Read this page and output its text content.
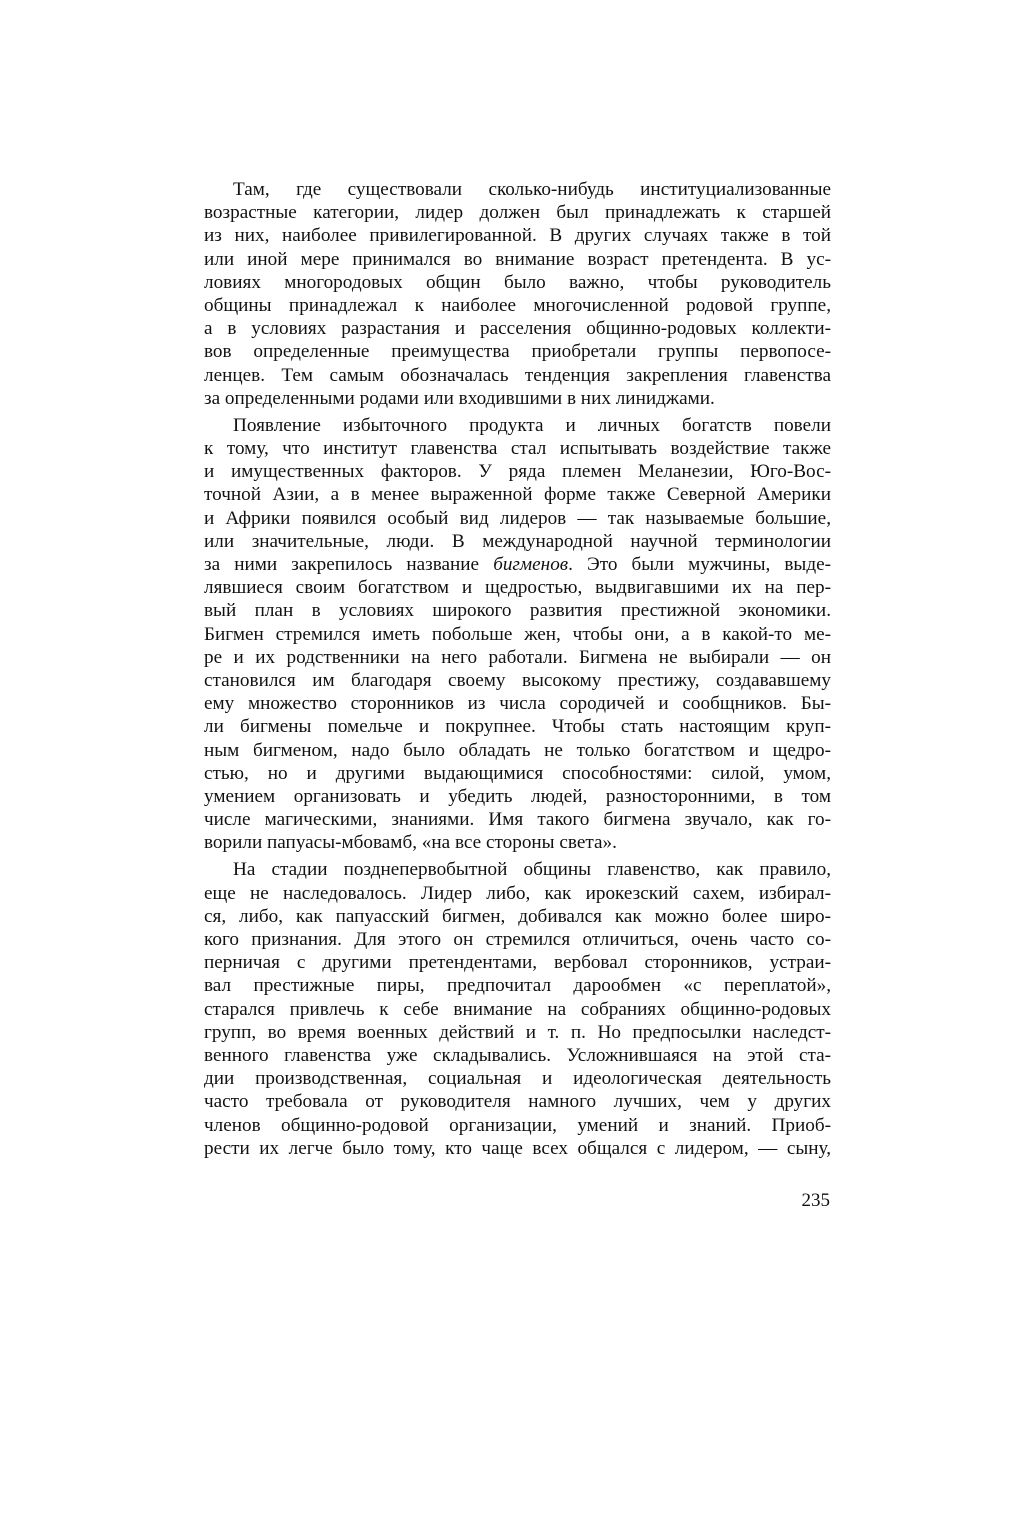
Там, где существовали сколько-нибудь институциализованные
возрастные категории, лидер должен был принадлежать к старшей
из них, наиболее привилегированной. В других случаях также в той
или иной мере принимался во внимание возраст претендента. В ус-
ловиях многородовых общин было важно, чтобы руководитель
общины принадлежал к наиболее многочисленной родовой группе,
а в условиях разрастания и расселения общинно-родовых коллекти-
вов определенные преимущества приобретали группы первопосе-
ленцев. Тем самым обозначалась тенденция закрепления главенства
за определенными родами или входившими в них линиджами.
Появление избыточного продукта и личных богатств повели
к тому, что институт главенства стал испытывать воздействие также
и имущественных факторов. У ряда племен Меланезии, Юго-Вос-
точной Азии, а в менее выраженной форме также Северной Америки
и Африки появился особый вид лидеров — так называемые большие,
или значительные, люди. В международной научной терминологии
за ними закрепилось название бигменов. Это были мужчины, выде-
лявшиеся своим богатством и щедростью, выдвигавшими их на пер-
вый план в условиях широкого развития престижной экономики.
Бигмен стремился иметь побольше жен, чтобы они, а в какой-то ме-
ре и их родственники на него работали. Бигмена не выбирали — он
становился им благодаря своему высокому престижу, создававшему
ему множество сторонников из числа сородичей и сообщников. Бы-
ли бигмены помельче и покрупнее. Чтобы стать настоящим круп-
ным бигменом, надо было обладать не только богатством и щедро-
стью, но и другими выдающимися способностями: силой, умом,
умением организовать и убедить людей, разносторонними, в том
числе магическими, знаниями. Имя такого бигмена звучало, как го-
ворили папуасы-мбовамб, «на все стороны света».
На стадии позднепервобытной общины главенство, как правило,
еще не наследовалось. Лидер либо, как ирокезский сахем, избирал-
ся, либо, как папуасский бигмен, добивался как можно более широ-
кого признания. Для этого он стремился отличиться, очень часто со-
перничая с другими претендентами, вербовал сторонников, устраи-
вал престижные пиры, предпочитал дарообмен «с переплатой»,
старался привлечь к себе внимание на собраниях общинно-родовых
групп, во время военных действий и т. п. Но предпосылки наследст-
венного главенства уже складывались. Усложнившаяся на этой ста-
дии производственная, социальная и идеологическая деятельность
часто требовала от руководителя намного лучших, чем у других
членов общинно-родовой организации, умений и знаний. Приоб-
рести их легче было тому, кто чаще всех общался с лидером, — сыну,
235
